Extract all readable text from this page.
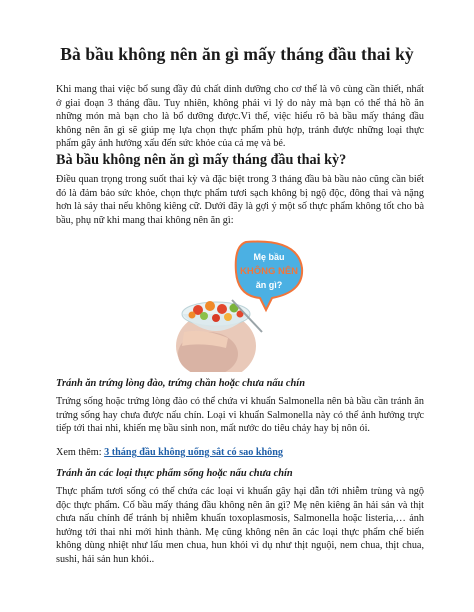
Bà bầu không nên ăn gì mấy tháng đầu thai kỳ

Khi mang thai việc bổ sung đầy đủ chất dinh dưỡng cho cơ thể là vô cùng cần thiết, nhất ở giai đoạn 3 tháng đầu. Tuy nhiên, không phải vì lý do này mà bạn có thể thả hồ ăn những món mà bạn cho là bổ dưỡng được.Vì thế, việc hiểu rõ bà bầu mấy tháng đầu không nên ăn gì sẽ giúp mẹ lựa chọn thực phẩm phù hợp, tránh được những loại thực phẩm gây ảnh hưởng xấu đến sức khỏe của cả mẹ và bé.

Bà bầu không nên ăn gì mấy tháng đầu thai kỳ?

Điều quan trọng trong suốt thai kỳ và đặc biệt trong 3 tháng đầu bà bầu nào cũng cần biết đó là đảm bảo sức khỏe, chọn thực phẩm tươi sạch không bị ngộ độc, đông thai và nặng hơn là sảy thai nếu không kiêng cữ. Dưới đây là gợi ý một số thực phẩm không tốt cho bà bầu, phụ nữ khi mang thai không nên ăn gì:

Mẹ bầu
KHÔNG NÊN
ăn gì?
Tránh ăn trứng lòng đào, trứng chần hoặc chưa nấu chín

Trứng sống hoặc trứng lòng đào có thể chứa vi khuẩn Salmonella nên bà bầu cần tránh ăn trứng sống hay chưa được nấu chín. Loại vi khuẩn Salmonella này có thể ảnh hưởng trực tiếp tới thai nhi, khiến mẹ bầu sinh non, mất nước do tiêu chảy hay bị nôn ói.

Xem thêm: 3 tháng đầu không uống sắt có sao không

Tránh ăn các loại thực phẩm sống hoặc nấu chưa chín

Thực phẩm tươi sống có thể chứa các loại vi khuẩn gây hại dẫn tới nhiễm trùng và ngộ độc thực phẩm. Cố bầu mấy tháng đầu không nên ăn gì? Mẹ nên kiêng ăn hải sản và thịt chưa nấu chính để tránh bị nhiễm khuẩn toxoplasmosis, Salmonella hoặc listeria,… ảnh hưởng tới thai nhi mới hình thành. Mẹ cũng không nên ăn các loại thực phẩm chế biến không dùng nhiệt như lẩu men chua, hun khói vì dụ như thịt nguội, nem chua, thịt chua, sushi, hải sản hun khói..
